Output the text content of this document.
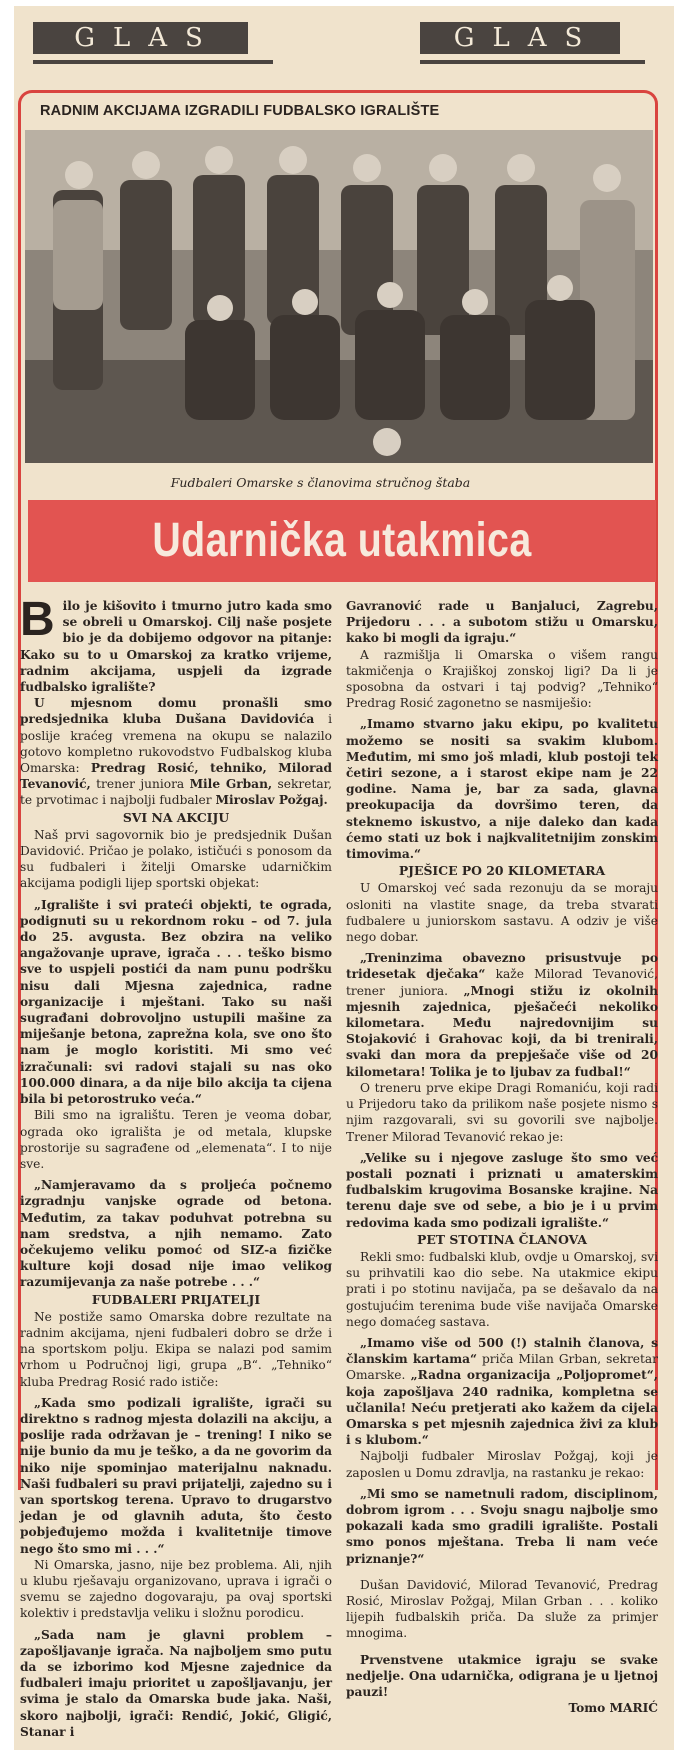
GLAS	GLAS
RADNIM AKCIJAMA IZGRADILI FUDBALSKO IGRALIŠTE
Fudbaleri Omarske s članovima stručnog štaba
Udarnička utakmica

Bilo je kišovito i tmurno jutro kada smo se obreli u Omarskoj. Cilj naše posjete bio je da dobijemo odgovor na pitanje: Kako su to u Omarskoj za kratko vrijeme, radnim akcijama, uspjeli da izgrade fudbalsko igralište?

U mjesnom domu pronašli smo predsjednika kluba Dušana Davidovića i poslije kraćeg vremena na okupu se nalazilo gotovo kompletno rukovodstvo Fudbalskog kluba Omarska: Predrag Rosić, tehniko, Milorad Tevanović, trener juniora Mile Grban, sekretar, te prvotimac i najbolji fudbaler Miroslav Požgaj.

SVI NA AKCIJU

Naš prvi sagovornik bio je predsjednik Dušan Davidović. Pričao je polako, ističući s ponosom da su fudbaleri i žitelji Omarske udarničkim akcijama podigli lijep sportski objekat:

„Igralište i svi prateći objekti, te ograda, podignuti su u rekordnom roku – od 7. jula do 25. avgusta. Bez obzira na veliko angažovanje uprave, igrača . . . teško bismo sve to uspjeli postići da nam punu podršku nisu dali Mjesna zajednica, radne organizacije i mještani. Tako su naši sugrađani dobrovoljno ustupili mašine za miješanje betona, zaprežna kola, sve ono što nam je moglo koristiti. Mi smo već izračunali: svi radovi stajali su nas oko 100.000 dinara, a da nije bilo akcija ta cijena bila bi petorostruko veća.“

Bili smo na igralištu. Teren je veoma dobar, ograda oko igrališta je od metala, klupske prostorije su sagrađene od „elemenata“. I to nije sve.

„Namjeravamo da s proljeća počnemo izgradnju vanjske ograde od betona. Međutim, za takav poduhvat potrebna su nam sredstva, a njih nemamo. Zato očekujemo veliku pomoć od SIZ-a fizičke kulture koji dosad nije imao velikog razumijevanja za naše potrebe . . .“

FUDBALERI PRIJATELJI

Ne postiže samo Omarska dobre rezultate na radnim akcijama, njeni fudbaleri dobro se drže i na sportskom polju. Ekipa se nalazi pod samim vrhom u Područnoj ligi, grupa „B“. „Tehniko“ kluba Predrag Rosić rado ističe:

„Kada smo podizali igralište, igrači su direktno s radnog mjesta dolazili na akciju, a poslije rada održavan je – trening! I niko se nije bunio da mu je teško, a da ne govorim da niko nije spominjao materijalnu naknadu. Naši fudbaleri su pravi prijatelji, zajedno su i van sportskog terena. Upravo to drugarstvo jedan je od glavnih aduta, što često pobjeđujemo možda i kvalitetnije timove nego što smo mi . . .“

Ni Omarska, jasno, nije bez problema. Ali, njih u klubu rješavaju organizovano, uprava i igrači o svemu se zajedno dogovaraju, pa ovaj sportski kolektiv i predstavlja veliku i složnu porodicu.

„Sada nam je glavni problem – zapošljavanje igrača. Na najboljem smo putu da se izborimo kod Mjesne zajednice da fudbaleri imaju prioritet u zapošljavanju, jer svima je stalo da Omarska bude jaka. Naši, skoro najbolji, igrači: Rendić, Jokić, Gligić, Stanar i

Gavranović rade u Banjaluci, Zagrebu, Prijedoru . . . a subotom stižu u Omarsku, kako bi mogli da igraju.“

A razmišlja li Omarska o višem rangu takmičenja o Krajiškoj zonskoj ligi? Da li je sposobna da ostvari i taj podvig? „Tehniko“ Predrag Rosić zagonetno se nasmiješio:

„Imamo stvarno jaku ekipu, po kvalitetu možemo se nositi sa svakim klubom. Međutim, mi smo još mladi, klub postoji tek četiri sezone, a i starost ekipe nam je 22 godine. Nama je, bar za sada, glavna preokupacija da dovršimo teren, da steknemo iskustvo, a nije daleko dan kada ćemo stati uz bok i najkvalitetnijim zonskim timovima.“

PJEŠICE PO 20 KILOMETARA

U Omarskoj već sada rezonuju da se moraju osloniti na vlastite snage, da treba stvarati fudbalere u juniorskom sastavu. A odziv je više nego dobar.

„Treninzima obavezno prisustvuje po tridesetak dječaka“ kaže Milorad Tevanović, trener juniora. „Mnogi stižu iz okolnih mjesnih zajednica, pješačeći nekoliko kilometara. Među najredovnijim su Stojaković i Grahovac koji, da bi trenirali, svaki dan mora da prepješače više od 20 kilometara! Tolika je to ljubav za fudbal!“

O treneru prve ekipe Dragi Romaniću, koji radi u Prijedoru tako da prilikom naše posjete nismo s njim razgovarali, svi su govorili sve najbolje. Trener Milorad Tevanović rekao je:

„Velike su i njegove zasluge što smo već postali poznati i priznati u amaterskim fudbalskim krugovima Bosanske krajine. Na terenu daje sve od sebe, a bio je i u prvim redovima kada smo podizali igralište.“

PET STOTINA ČLANOVA

Rekli smo: fudbalski klub, ovdje u Omarskoj, svi su prihvatili kao dio sebe. Na utakmice ekipu prati i po stotinu navijača, pa se dešavalo da na gostujućim terenima bude više navijača Omarske nego domaćeg sastava.

„Imamo više od 500 (!) stalnih članova, s članskim kartama“ priča Milan Grban, sekretar Omarske. „Radna organizacija „Poljopromet“, koja zapošljava 240 radnika, kompletna se učlanila! Neću pretjerati ako kažem da cijela Omarska s pet mjesnih zajednica živi za klub i s klubom.“

Najbolji fudbaler Miroslav Požgaj, koji je zaposlen u Domu zdravlja, na rastanku je rekao:

„Mi smo se nametnuli radom, disciplinom, dobrom igrom . . . Svoju snagu najbolje smo pokazali kada smo gradili igralište. Postali smo ponos mještana. Treba li nam veće priznanje?“

Dušan Davidović, Milorad Tevanović, Predrag Rosić, Miroslav Požgaj, Milan Grban . . . koliko lijepih fudbalskih priča. Da služe za primjer mnogima.

Prvenstvene utakmice igraju se svake nedjelje. Ona udarnička, odigrana je u ljetnoj pauzi!

Tomo MARIĆ
